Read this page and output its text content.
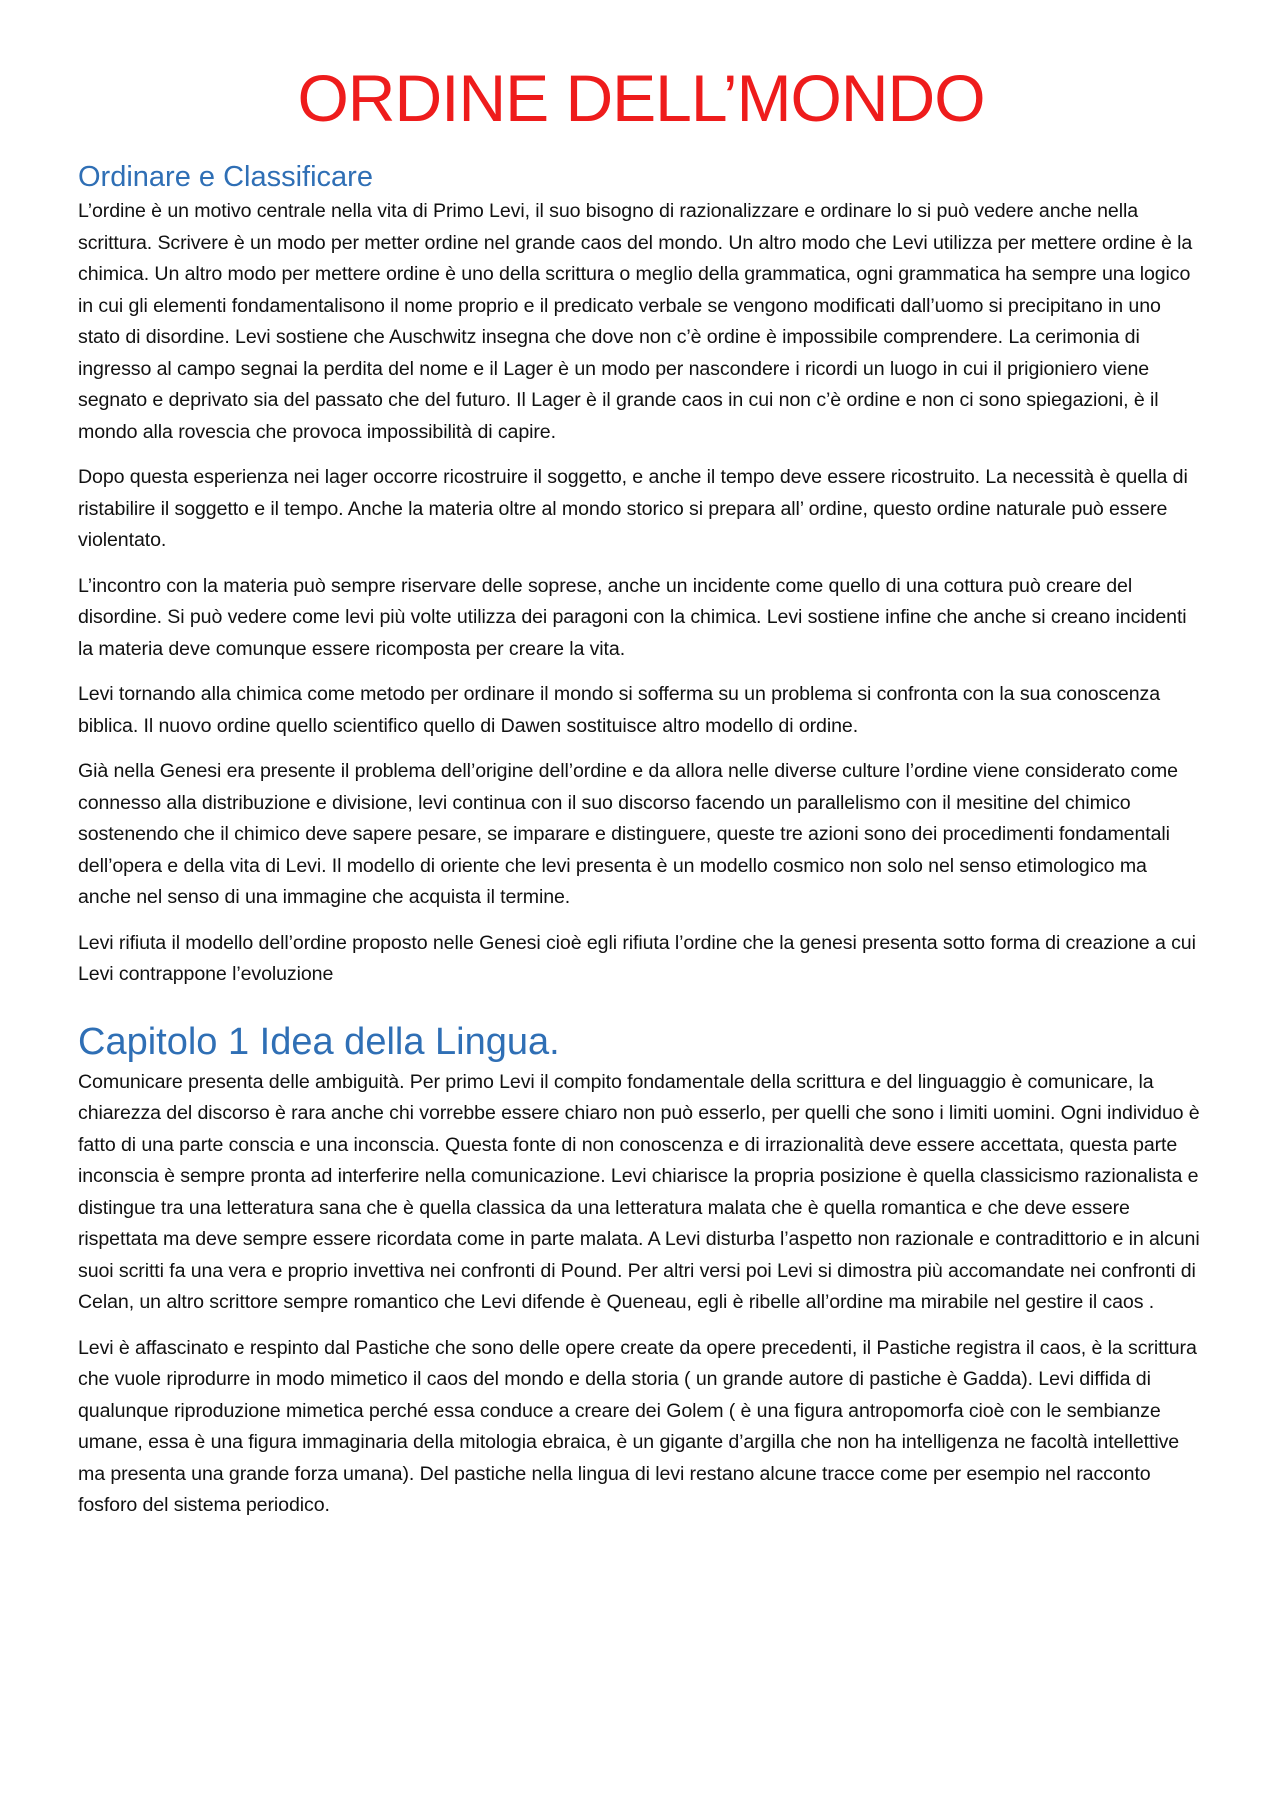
ORDINE DELL’MONDO
Ordinare e Classificare

L’ordine è un motivo centrale nella vita di Primo Levi, il suo bisogno di razionalizzare e ordinare lo si può vedere anche nella scrittura. Scrivere è un modo per metter ordine nel grande caos del mondo. Un altro modo che Levi utilizza per mettere ordine è la chimica. Un altro modo per mettere ordine è uno della scrittura o meglio della grammatica, ogni grammatica ha sempre una logico in cui gli elementi fondamentalisono il nome proprio e il predicato verbale se vengono modificati dall’uomo si precipitano in uno stato di disordine. Levi sostiene che Auschwitz insegna che dove non c’è ordine è impossibile comprendere. La cerimonia di ingresso al campo segnai la perdita del nome e il Lager è un modo per nascondere i ricordi un luogo in cui il prigioniero viene segnato e deprivato sia del passato che del futuro. Il Lager è il grande caos in cui non c’è ordine e non ci sono spiegazioni, è il mondo alla rovescia che provoca impossibilità di capire.

Dopo questa esperienza nei lager occorre ricostruire il soggetto, e anche il tempo deve essere ricostruito. La necessità è quella di ristabilire il soggetto e il tempo. Anche la materia oltre al mondo storico si prepara all’ ordine, questo ordine naturale può essere violentato.

L’incontro con la materia può sempre riservare delle sopresе, anche un incidente come quello di una cottura può creare del disordine. Si può vedere come levi più volte utilizza dei paragoni con la chimica. Levi sostiene infine che anche si creano incidenti la materia deve comunque essere ricomposta per creare la vita.

Levi tornando alla chimica come metodo per ordinare il mondo si sofferma su un problema si confronta con la sua conoscenza biblica. Il nuovo ordine quello scientifico quello di Dawen sostituisce altro modello di ordine.

Già nella Genesi era presente il problema dell’origine dell’ordine e da allora nelle diverse culture l’ordine viene considerato come connesso alla distribuzione e divisione, levi continua con il suo discorso facendo un parallelismo con il mesitine del chimico sostenendo che il chimico deve sapere pesare, se imparare e distinguere, queste tre azioni sono dei procedimenti fondamentali dell’opera e della vita di Levi. Il modello di oriente che levi presenta è un modello cosmico non solo nel senso etimologico ma anche nel senso di una immagine che acquista il termine.

Levi rifiuta il modello dell’ordine proposto nelle Genesi cioè egli rifiuta l’ordine che la genesi presenta sotto forma di creazione a cui Levi contrappone l’evoluzione

Capitolo 1 Idea della Lingua.

Comunicare presenta delle ambiguità. Per primo Levi il compito fondamentale della scrittura e del linguaggio è comunicare, la chiarezza del discorso è rara anche chi vorrebbe essere chiaro non può esserlo, per quelli che sono i limiti uomini. Ogni individuo è fatto di una parte conscia e una inconscia. Questa fonte di non conoscenza e di irrazionalità deve essere accettata, questa parte inconscia è sempre pronta ad interferire nella comunicazione. Levi chiarisce la propria posizione è quella classicismo razionalista e distingue tra una letteratura sana che è quella classica da una letteratura malata che è quella romantica e che deve essere rispettata ma deve sempre essere ricordata come in parte malata. A Levi disturba l’aspetto non razionale e contradittorio e in alcuni suoi scritti fa una vera e proprio invettiva nei confronti di Pound. Per altri versi poi Levi si dimostra più accomandate nei confronti di Celan, un altro scrittore sempre romantico che Levi difende è Queneau, egli è ribelle all’ordine ma mirabile nel gestire il caos .

Levi è affascinato e respinto dal Pastiche che sono delle opere create da opere precedenti, il Pastiche registra il caos, è la scrittura che vuole riprodurre in modo mimetico il caos del mondo e della storia ( un grande autore di pastiche è Gadda). Levi diffida di qualunque riproduzione mimetica perché essa conduce a creare dei Golem ( è una figura antropomorfa cioè con le sembianze umane, essa è una figura immaginaria della mitologia ebraica, è un gigante d’argilla che non ha intelligenza ne facoltà intellettive ma presenta una grande forza umana). Del pastiche nella lingua di levi restano alcune tracce come per esempio nel racconto fosforo del sistema periodico.
